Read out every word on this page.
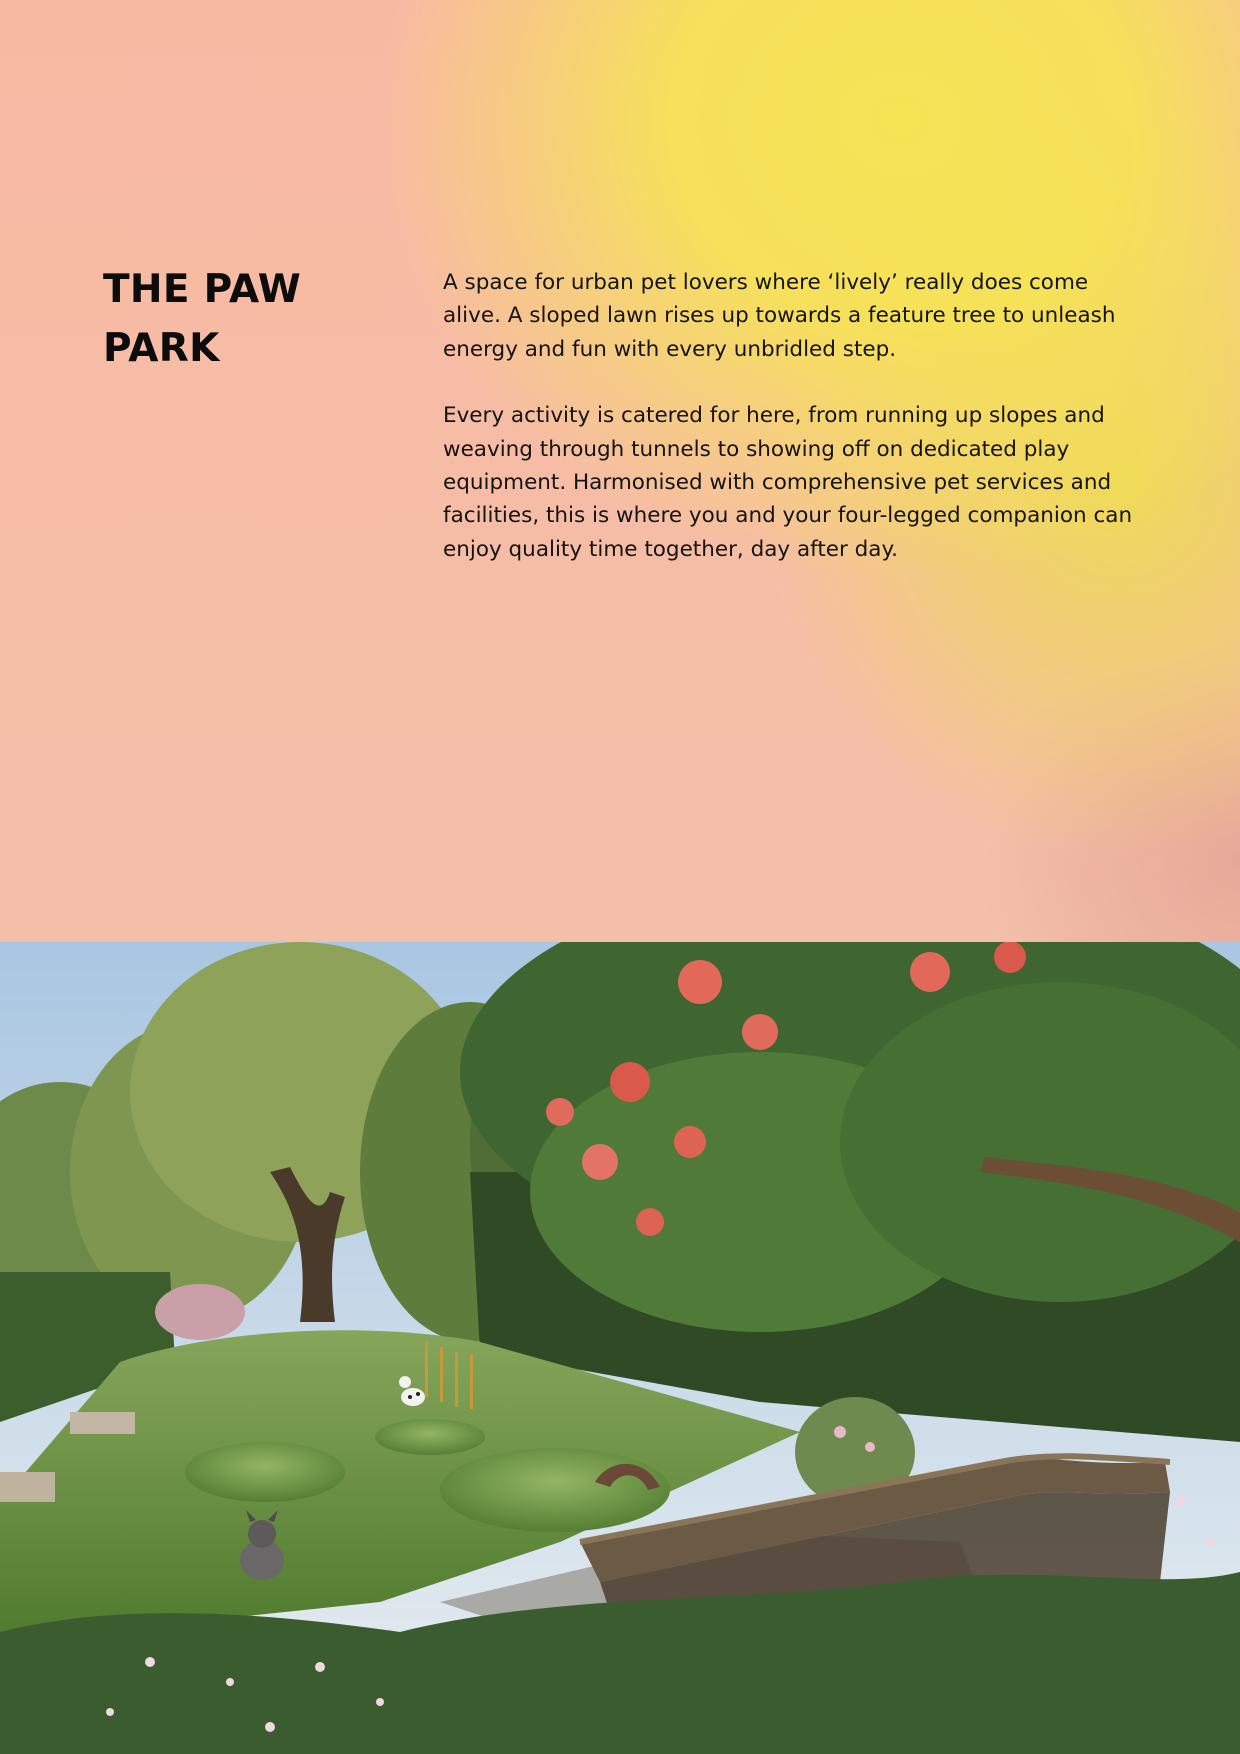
THE PAW
PARK

A space for urban pet lovers where ‘lively’ really does come alive. A sloped lawn rises up towards a feature tree to unleash energy and fun with every unbridled step.

Every activity is catered for here, from running up slopes and weaving through tunnels to showing off on dedicated play equipment. Harmonised with comprehensive pet services and facilities, this is where you and your four-legged companion can enjoy quality time together, day after day.
